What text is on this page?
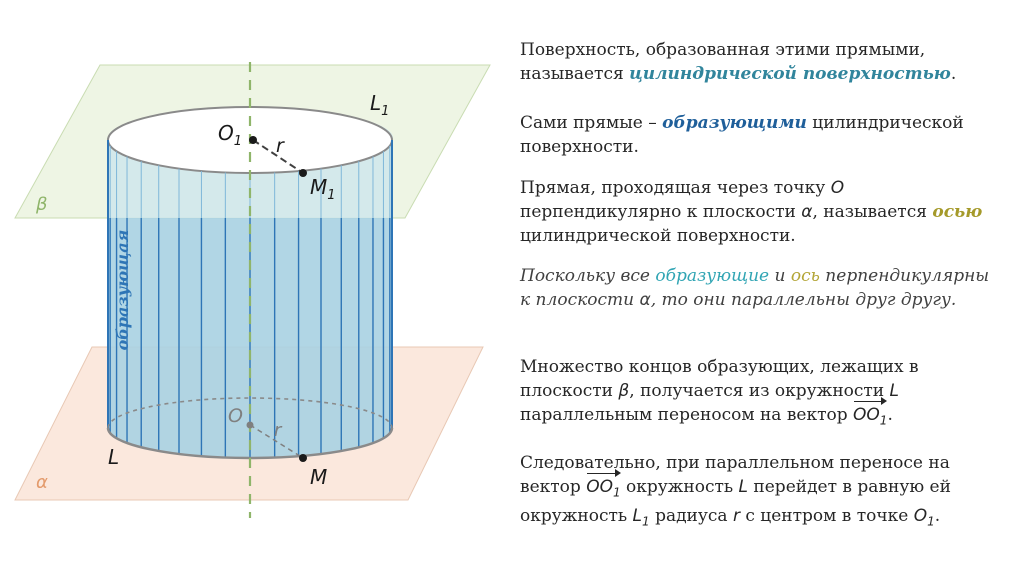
β
α
$L_1$
$O_1$ r
$M_1$
O
r
M
L
образующая

Поверхность, образованная этими прямыми, называется цилиндрической поверхностью.

Сами прямые – образующими цилиндрической поверхности.

Прямая, проходящая через точку O перпендикулярно к плоскости α, называется осью цилиндрической поверхности.

Поскольку все образующие и ось перпендикулярны к плоскости α, то они параллельны друг другу.

Множество концов образующих, лежащих в плоскости β, получается из окружности L параллельным переносом на вектор $OO_1$.

Следовательно, при параллельном переносе на вектор $OO_1$ окружность L перейдет в равную ей окружность $L_1$ радиуса r с центром в точке $O_1$.
